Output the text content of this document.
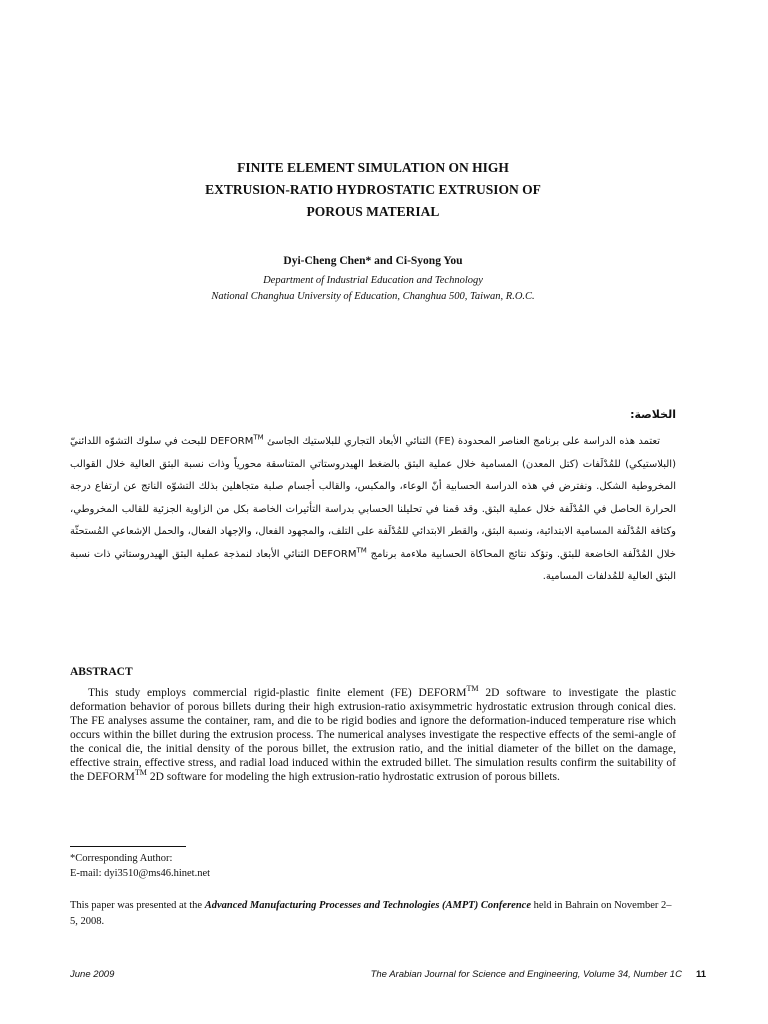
FINITE ELEMENT SIMULATION ON HIGH
EXTRUSION-RATIO HYDROSTATIC EXTRUSION OF
POROUS MATERIAL
Dyi-Cheng Chen* and Ci-Syong You
Department of Industrial Education and Technology
National Changhua University of Education, Changhua 500, Taiwan, R.O.C.
الخلاصة:
تعتمد هذه الدراسة على برنامج العناصر المحدودة (FE) الثنائي الأبعاد التجاري للبلاستيك الجاسئ DEFORM™ للبحث في سلوك التشوّه اللدائنيّ (البلاستيكي) للمُدْلَفات (كتل المعدن) المسامية خلال عملية البثق بالضغط الهيدروستاتي المتناسقة محورياً وذات نسبة البثق العالية خلال القوالب المخروطية الشكل. ونفترض في هذه الدراسة الحسابية أنّ الوعاء، والمكبس، والقالب أجسام صلبة متجاهلين بذلك التشوّه الناتج عن ارتفاع درجة الحرارة الحاصل في المُدْلَفة خلال عملية البثق. وقد قمنا في تحليلنا الحسابي بدراسة التأثيرات الخاصة بكل من الزاوية الجزئية للقالب المخروطي، وكثافة المُدْلَفة المسامية الابتدائية، ونسبة البثق، والقطر الابتدائي للمُدْلَفة على التلف، والمجهود الفعال، والإجهاد الفعال، والحمل الإشعاعي المُستحثّة خلال المُدْلَفة الخاضعة للبثق. وتؤكد نتائج المحاكاة الحسابية ملاءمة برنامج DEFORM™ الثنائي الأبعاد لنمذجة عملية البثق الهيدروستاتي ذات نسبة البثق العالية للمُدلفات المسامية.
ABSTRACT
This study employs commercial rigid-plastic finite element (FE) DEFORM™ 2D software to investigate the plastic deformation behavior of porous billets during their high extrusion-ratio axisymmetric hydrostatic extrusion through conical dies. The FE analyses assume the container, ram, and die to be rigid bodies and ignore the deformation-induced temperature rise which occurs within the billet during the extrusion process. The numerical analyses investigate the respective effects of the semi-angle of the conical die, the initial density of the porous billet, the extrusion ratio, and the initial diameter of the billet on the damage, effective strain, effective stress, and radial load induced within the extruded billet. The simulation results confirm the suitability of the DEFORM™ 2D software for modeling the high extrusion-ratio hydrostatic extrusion of porous billets.
*Corresponding Author:
E-mail: dyi3510@ms46.hinet.net
This paper was presented at the Advanced Manufacturing Processes and Technologies (AMPT) Conference held in Bahrain on November 2–5, 2008.
June 2009	The Arabian Journal for Science and Engineering, Volume 34, Number 1C 11
